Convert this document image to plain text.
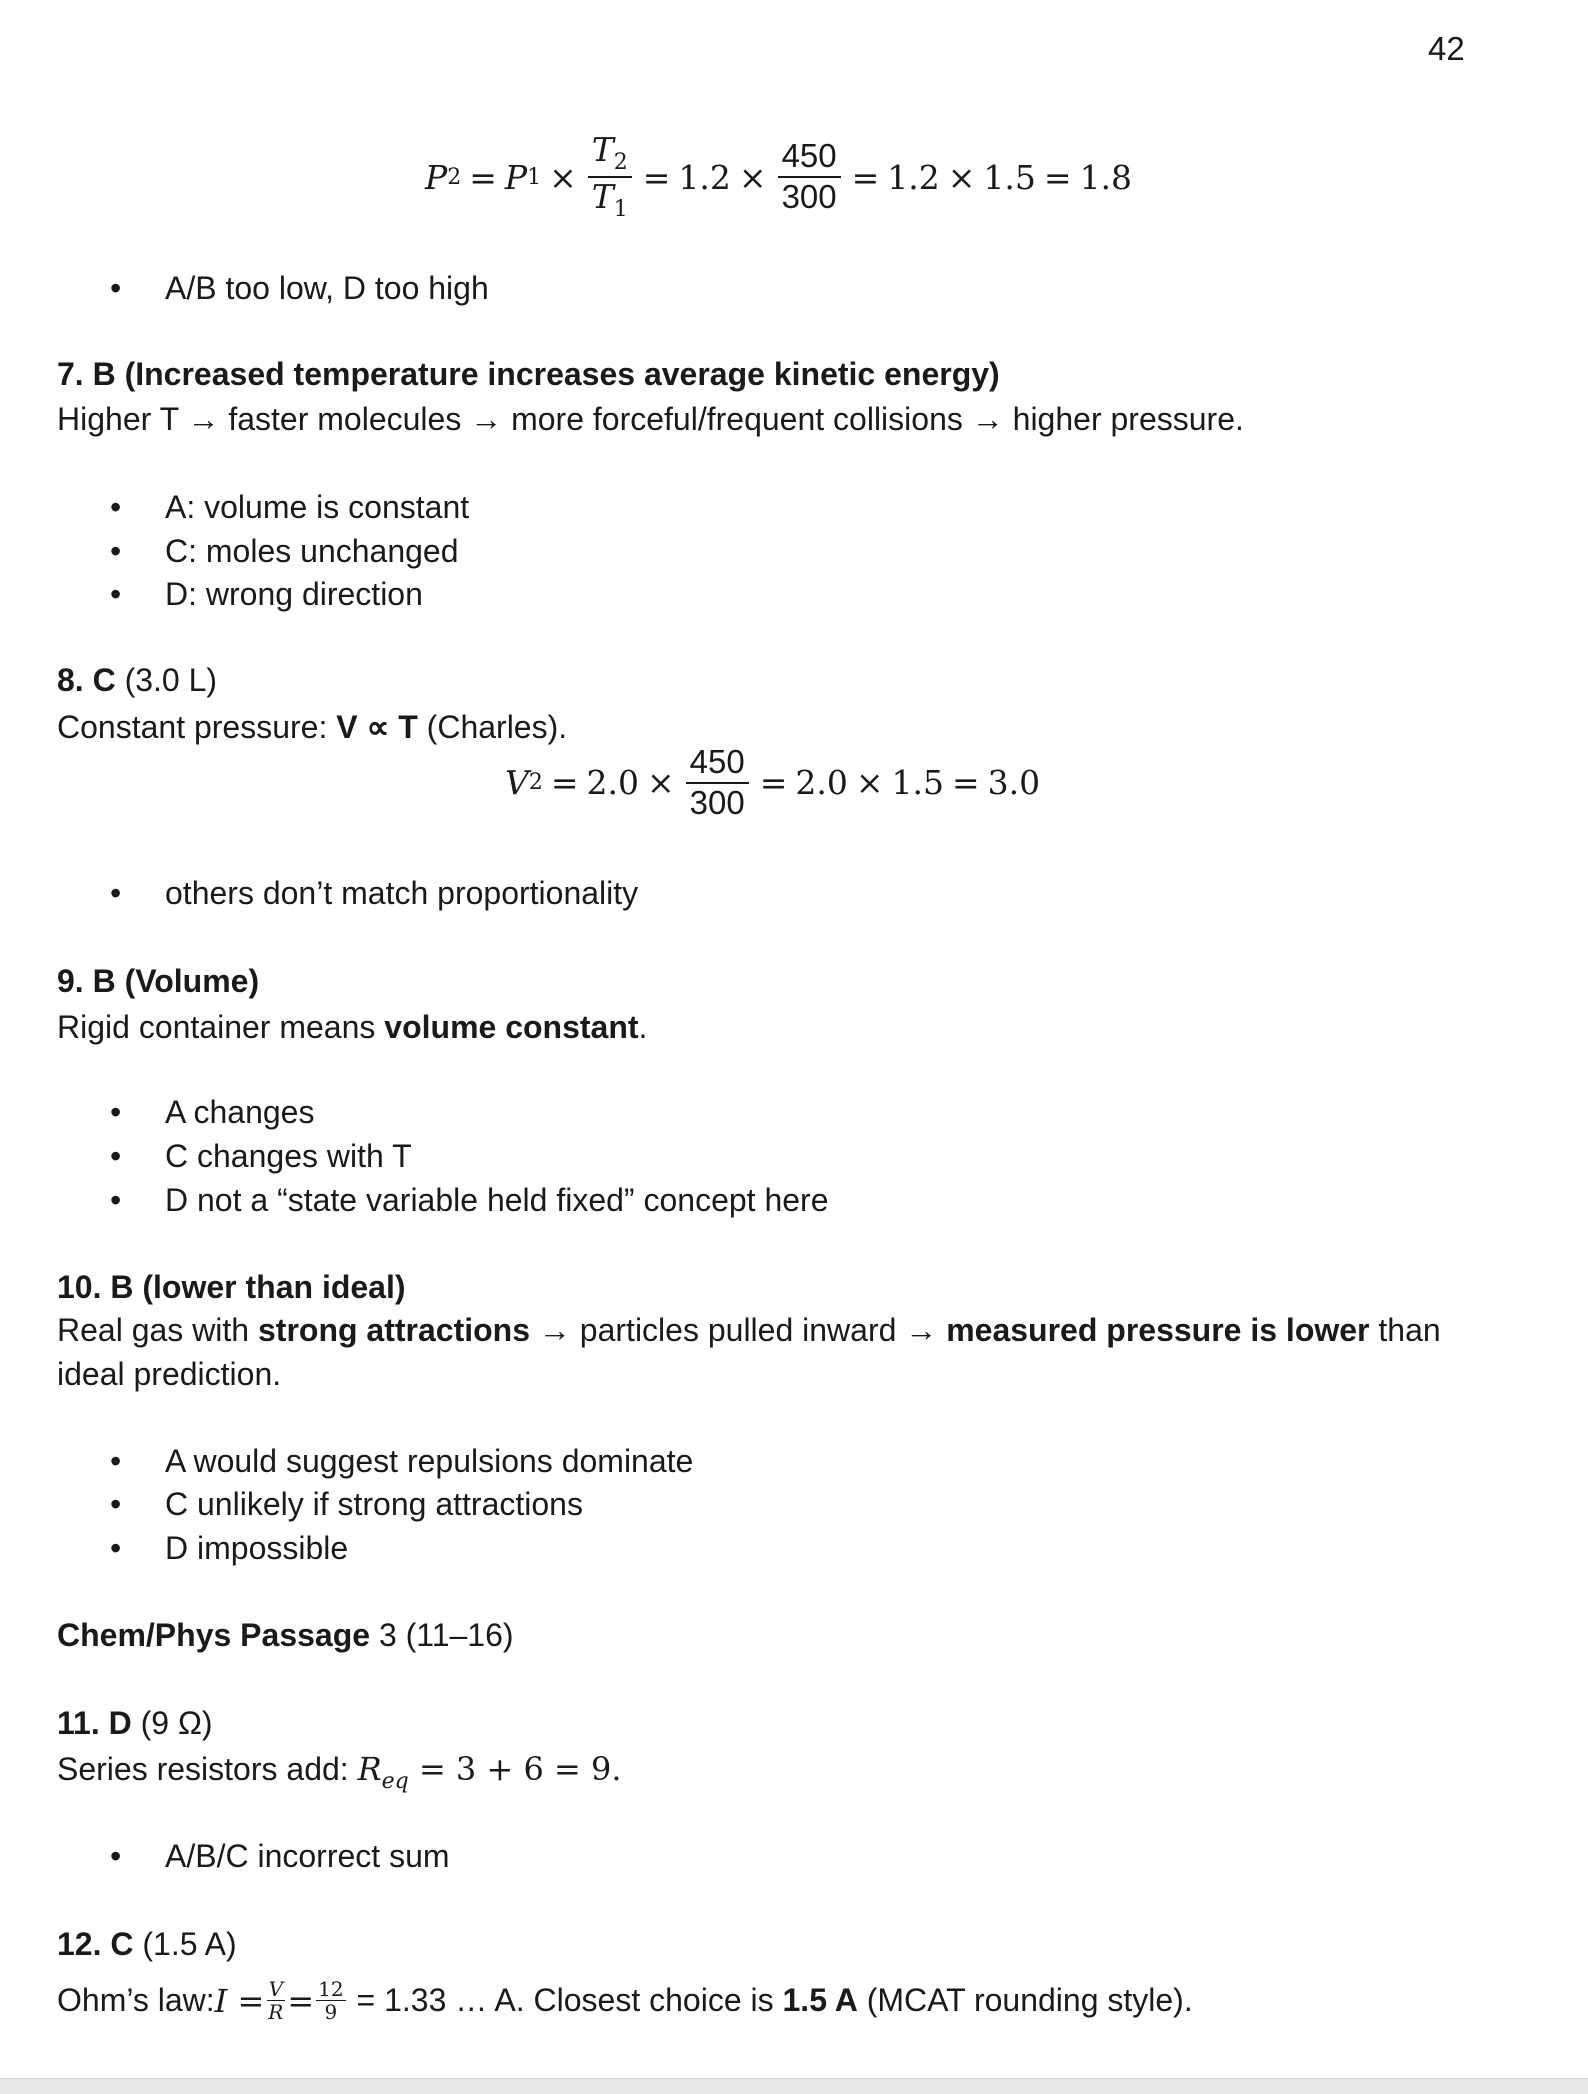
42
P 2 = P $1 \times \frac{T_2}{T_1} = 1.2 \times \frac{450}{300} = 1.2 \times 1.5 = 1.8$
• A/B too low, D too high
7. B (Increased temperature increases average kinetic energy)
Higher T → faster molecules → more forceful/frequent collisions → higher pressure.
• A: volume is constant
• C: moles unchanged
• D: wrong direction
8. C (3.0 L)
Constant pressure: V ∝ T (Charles).
V $2 = 2.0 \times \frac{450}{300} = 2.0 \times 1.5 = 3.0$
• others don’t match proportionality
9. B (Volume)
Rigid container means volume constant.
• A changes
• C changes with T
• D not a “state variable held fixed” concept here
10. B (lower than ideal)
Real gas with strong attractions → particles pulled inward → measured pressure is lower than
ideal prediction.
• A would suggest repulsions dominate
• C unlikely if strong attractions
• D impossible
Chem/Phys Passage 3 (11–16)
11. D (9 Ω)
Series resistors add: $R_{eq} = 3 + 6 = 9$.
• A/B/C incorrect sum
12. C (1.5 A)
Ohm’s law: $I = \frac{V}{R} = \frac{12}{9} = 1.33$ … A. Closest choice is 1.5 A (MCAT rounding style).
